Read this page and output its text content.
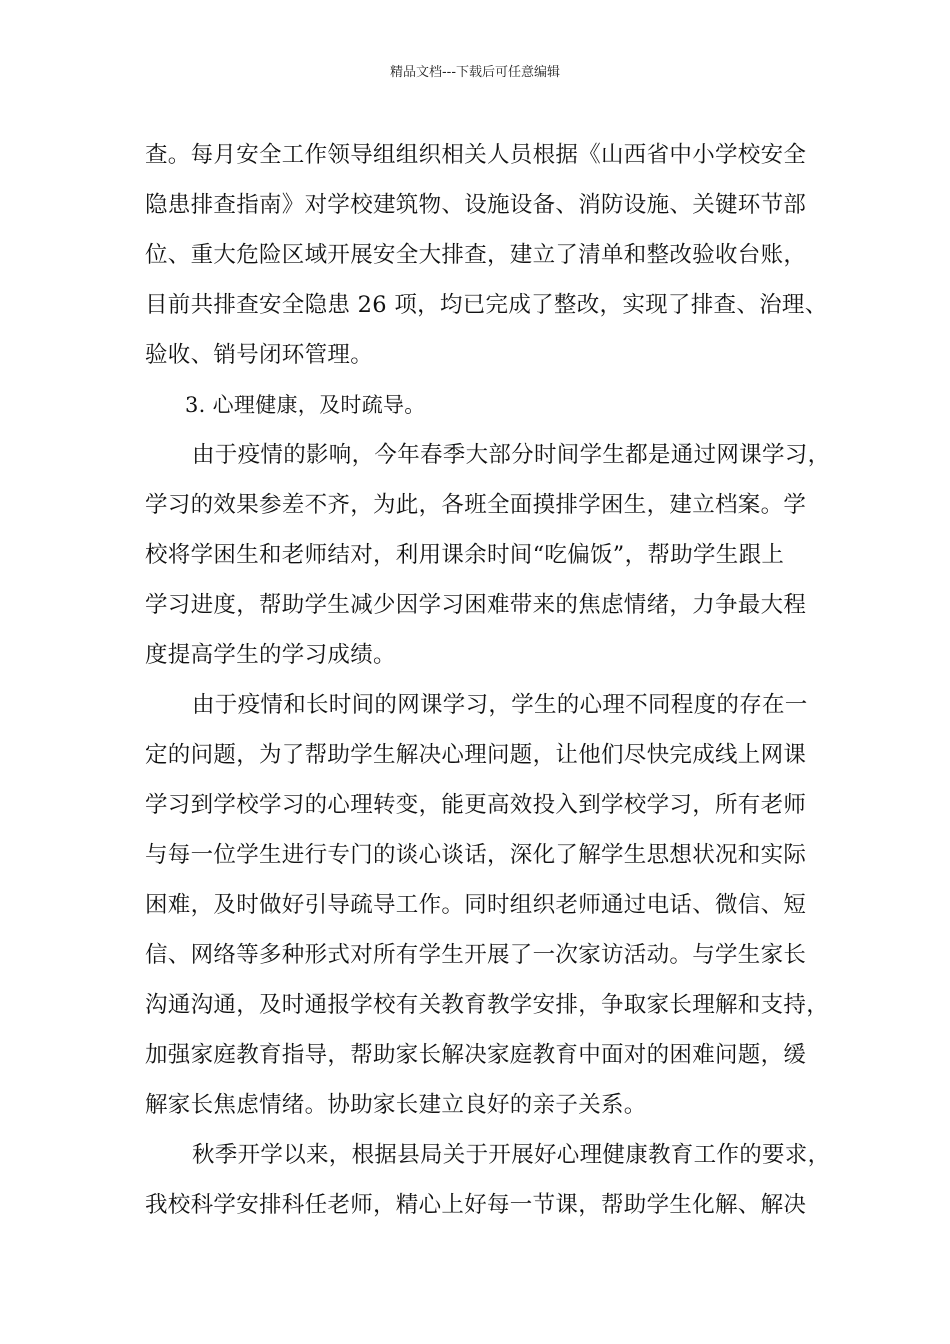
精品文档---下载后可任意编辑
查。每月安全工作领导组组织相关人员根据《山西省中小学校安全
隐患排查指南》对学校建筑物、设施设备、消防设施、关键环节部
位、重大危险区域开展安全大排查，建立了清单和整改验收台账，
目前共排查安全隐患 26 项，均已完成了整改，实现了排查、治理、
验收、销号闭环管理。
3. 心理健康，及时疏导。
由于疫情的影响，今年春季大部分时间学生都是通过网课学习，
学习的效果参差不齐，为此，各班全面摸排学困生，建立档案。学
校将学困生和老师结对，利用课余时间“吃偏饭”，帮助学生跟上
学习进度，帮助学生减少因学习困难带来的焦虑情绪，力争最大程
度提高学生的学习成绩。
由于疫情和长时间的网课学习，学生的心理不同程度的存在一
定的问题，为了帮助学生解决心理问题，让他们尽快完成线上网课
学习到学校学习的心理转变，能更高效投入到学校学习，所有老师
与每一位学生进行专门的谈心谈话，深化了解学生思想状况和实际
困难，及时做好引导疏导工作。同时组织老师通过电话、微信、短
信、网络等多种形式对所有学生开展了一次家访活动。与学生家长
沟通沟通，及时通报学校有关教育教学安排，争取家长理解和支持，
加强家庭教育指导，帮助家长解决家庭教育中面对的困难问题，缓
解家长焦虑情绪。协助家长建立良好的亲子关系。
秋季开学以来，根据县局关于开展好心理健康教育工作的要求，
我校科学安排科任老师，精心上好每一节课，帮助学生化解、解决
